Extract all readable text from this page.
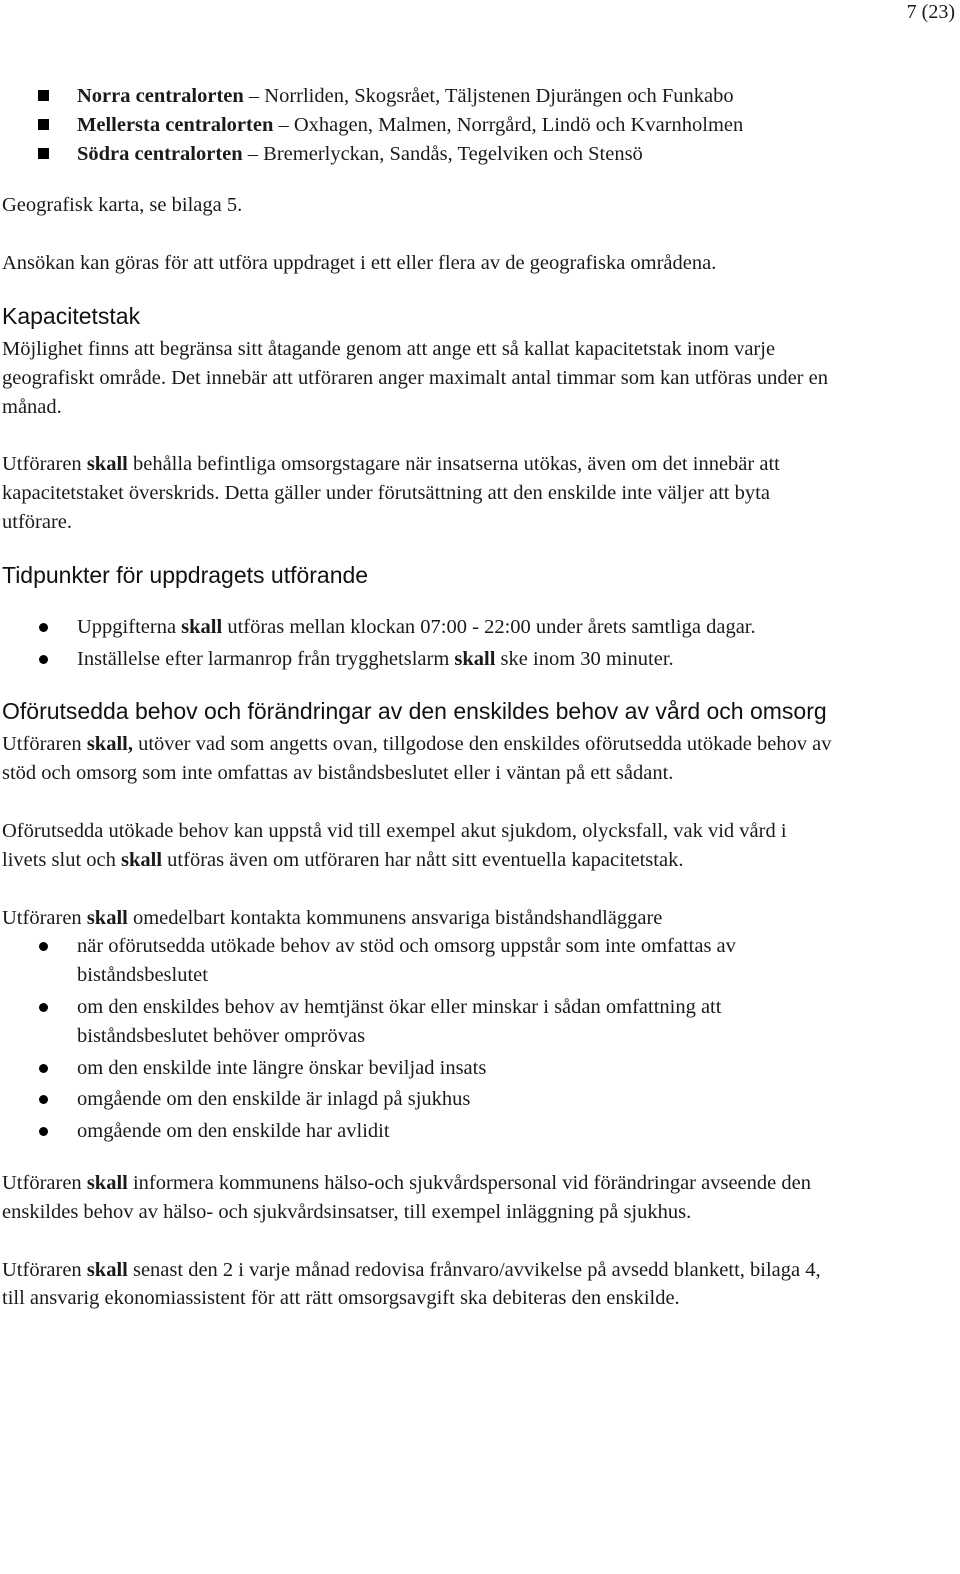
7 (23)
Norra centralorten – Norrliden, Skogsrået, Täljstenen Djurängen och Funkabo
Mellersta centralorten – Oxhagen, Malmen, Norrgård, Lindö och Kvarnholmen
Södra centralorten – Bremerlyckan, Sandås, Tegelviken och Stensö

Geografisk karta, se bilaga 5.

Ansökan kan göras för att utföra uppdraget i ett eller flera av de geografiska områdena.

Kapacitetstak

Möjlighet finns att begränsa sitt åtagande genom att ange ett så kallat kapacitetstak inom varje geografiskt område. Det innebär att utföraren anger maximalt antal timmar som kan utföras under en månad.

Utföraren skall behålla befintliga omsorgstagare när insatserna utökas, även om det innebär att kapacitetstaket överskrids. Detta gäller under förutsättning att den enskilde inte väljer att byta utförare.

Tidpunkter för uppdragets utförande
Uppgifterna skall utföras mellan klockan 07:00 - 22:00 under årets samtliga dagar.
Inställelse efter larmanrop från trygghetslarm skall ske inom 30 minuter.
Oförutsedda behov och förändringar av den enskildes behov av vård och omsorg

Utföraren skall, utöver vad som angetts ovan, tillgodose den enskildes oförutsedda utökade behov av stöd och omsorg som inte omfattas av biståndsbeslutet eller i väntan på ett sådant.

Oförutsedda utökade behov kan uppstå vid till exempel akut sjukdom, olycksfall, vak vid vård i livets slut och skall utföras även om utföraren har nått sitt eventuella kapacitetstak.

Utföraren skall omedelbart kontakta kommunens ansvariga biståndshandläggare

när oförutsedda utökade behov av stöd och omsorg uppstår som inte omfattas av biståndsbeslutet
om den enskildes behov av hemtjänst ökar eller minskar i sådan omfattning att biståndsbeslutet behöver omprövas
om den enskilde inte längre önskar beviljad insats
omgående om den enskilde är inlagd på sjukhus
omgående om den enskilde har avlidit

Utföraren skall informera kommunens hälso-och sjukvårdspersonal vid förändringar avseende den enskildes behov av hälso- och sjukvårdsinsatser, till exempel inläggning på sjukhus.

Utföraren skall senast den 2 i varje månad redovisa frånvaro/avvikelse på avsedd blankett, bilaga 4, till ansvarig ekonomiassistent för att rätt omsorgsavgift ska debiteras den enskilde.
